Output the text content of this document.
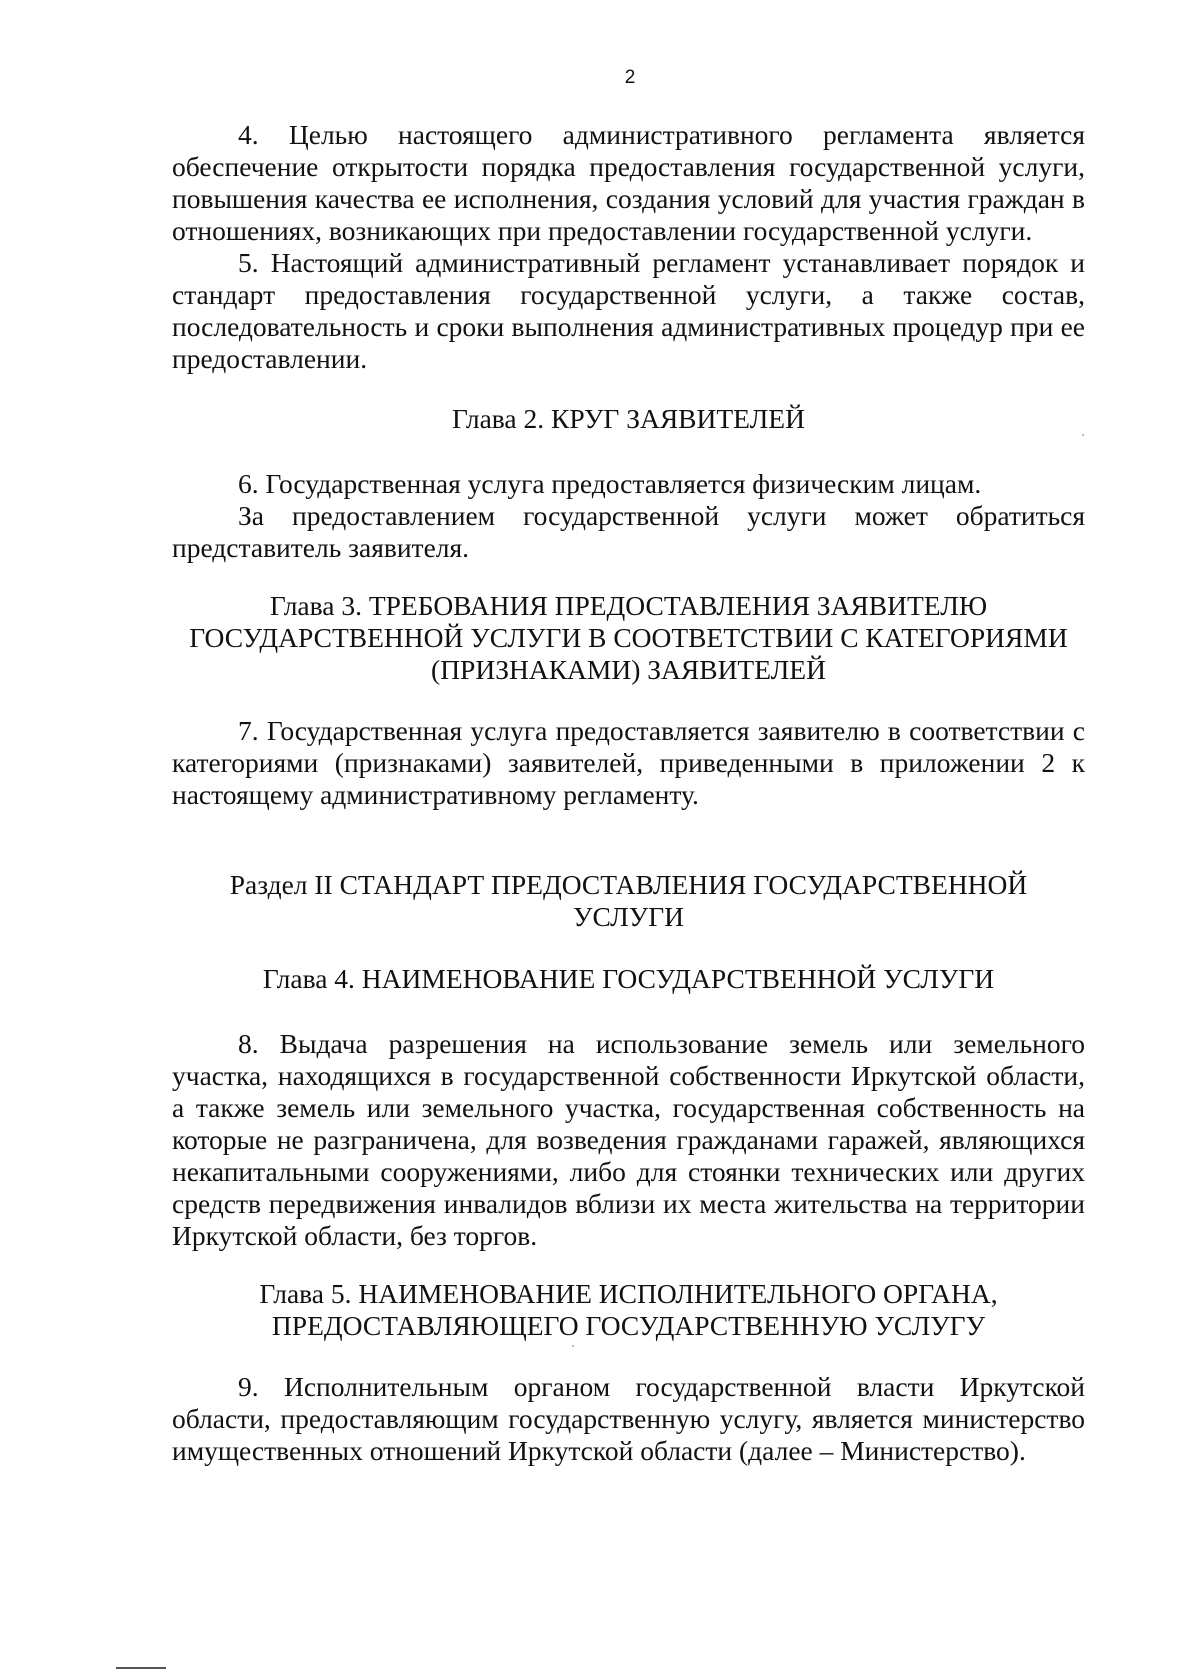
2

4. Целью настоящего административного регламента является обеспечение открытости порядка предоставления государственной услуги, повышения качества ее исполнения, создания условий для участия граждан в отношениях, возникающих при предоставлении государственной услуги.

5. Настоящий административный регламент устанавливает порядок и стандарт предоставления государственной услуги, а также состав, последовательность и сроки выполнения административных процедур при ее предоставлении.

Глава 2. КРУГ ЗАЯВИТЕЛЕЙ

6. Государственная услуга предоставляется физическим лицам.

За предоставлением государственной услуги может обратиться представитель заявителя.

Глава 3. ТРЕБОВАНИЯ ПРЕДОСТАВЛЕНИЯ ЗАЯВИТЕЛЮ
ГОСУДАРСТВЕННОЙ УСЛУГИ В СООТВЕТСТВИИ С КАТЕГОРИЯМИ
(ПРИЗНАКАМИ) ЗАЯВИТЕЛЕЙ

7. Государственная услуга предоставляется заявителю в соответствии с категориями (признаками) заявителей, приведенными в приложении 2 к настоящему административному регламенту.

Раздел II СТАНДАРТ ПРЕДОСТАВЛЕНИЯ ГОСУДАРСТВЕННОЙ
УСЛУГИ

Глава 4. НАИМЕНОВАНИЕ ГОСУДАРСТВЕННОЙ УСЛУГИ

8. Выдача разрешения на использование земель или земельного участка, находящихся в государственной собственности Иркутской области, а также земель или земельного участка, государственная собственность на которые не разграничена, для возведения гражданами гаражей, являющихся некапитальными сооружениями, либо для стоянки технических или других средств передвижения инвалидов вблизи их места жительства на территории Иркутской области, без торгов.

Глава 5. НАИМЕНОВАНИЕ ИСПОЛНИТЕЛЬНОГО ОРГАНА,
ПРЕДОСТАВЛЯЮЩЕГО ГОСУДАРСТВЕННУЮ УСЛУГУ

9. Исполнительным органом государственной власти Иркутской области, предоставляющим государственную услугу, является министерство имущественных отношений Иркутской области (далее – Министерство).
